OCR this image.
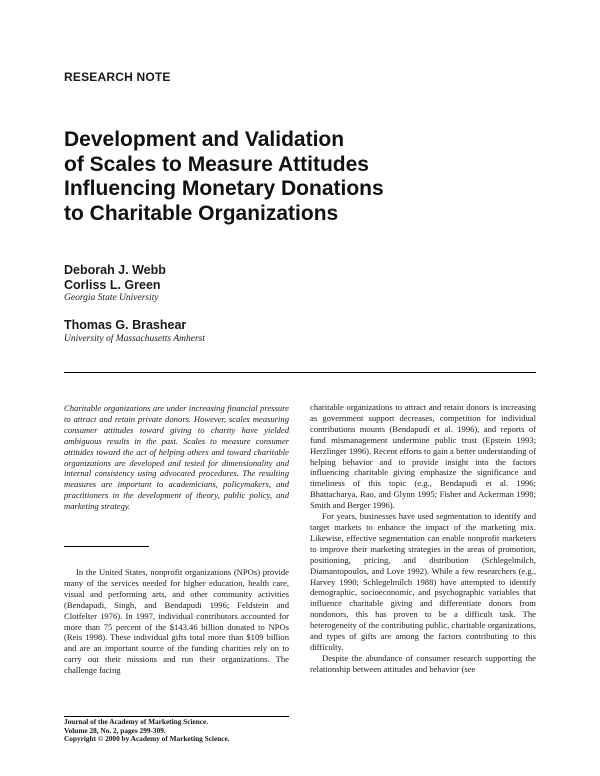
RESEARCH NOTE
Development and Validation
of Scales to Measure Attitudes
Influencing Monetary Donations
to Charitable Organizations
Deborah J. Webb
Corliss L. Green
Georgia State University
Thomas G. Brashear
University of Massachusetts Amherst

Charitable organizations are under increasing financial pressure to attract and retain private donors. However, scales measuring consumer attitudes toward giving to charity have yielded ambiguous results in the past. Scales to measure consumer attitudes toward the act of helping others and toward charitable organizations are developed and tested for dimensionality and internal consistency using advocated procedures. The resulting measures are important to academicians, policymakers, and practitioners in the development of theory, public policy, and marketing strategy.

In the United States, nonprofit organizations (NPOs) provide many of the services needed for higher education, health care, visual and performing arts, and other community activities (Bendapudi, Singh, and Bendapudi 1996; Feldstein and Clotfelter 1976). In 1997, individual contributors accounted for more than 75 percent of the $143.46 billion donated to NPOs (Reis 1998). These individual gifts total more than $109 billion and are an important source of the funding charities rely on to carry out their missions and run their organizations. The challenge facing

Journal of the Academy of Marketing Science.
Volume 28, No. 2, pages 299-309.
Copyright © 2000 by Academy of Marketing Science.

charitable organizations to attract and retain donors is increasing as government support decreases, competition for individual contributions mounts (Bendapudi et al. 1996), and reports of fund mismanagement undermine public trust (Epstein 1993; Herzlinger 1996). Recent efforts to gain a better understanding of helping behavior and to provide insight into the factors influencing charitable giving emphasize the significance and timeliness of this topic (e.g., Bendapudi et al. 1996; Bhattacharya, Rao, and Glynn 1995; Fisher and Ackerman 1998; Smith and Berger 1996).

For years, businesses have used segmentation to identify and target markets to enhance the impact of the marketing mix. Likewise, effective segmentation can enable nonprofit marketers to improve their marketing strategies in the areas of promotion, positioning, pricing, and distribution (Schlegelmilch, Diamantopoulos, and Love 1992). While a few researchers (e.g., Harvey 1990; Schlegelmilch 1988) have attempted to identify demographic, socioeconomic, and psychographic variables that influence charitable giving and differentiate donors from nondonors, this has proven to be a difficult task. The heterogeneity of the contributing public, charitable organizations, and types of gifts are among the factors contributing to this difficulty.

Despite the abundance of consumer research supporting the relationship between attitudes and behavior (see
